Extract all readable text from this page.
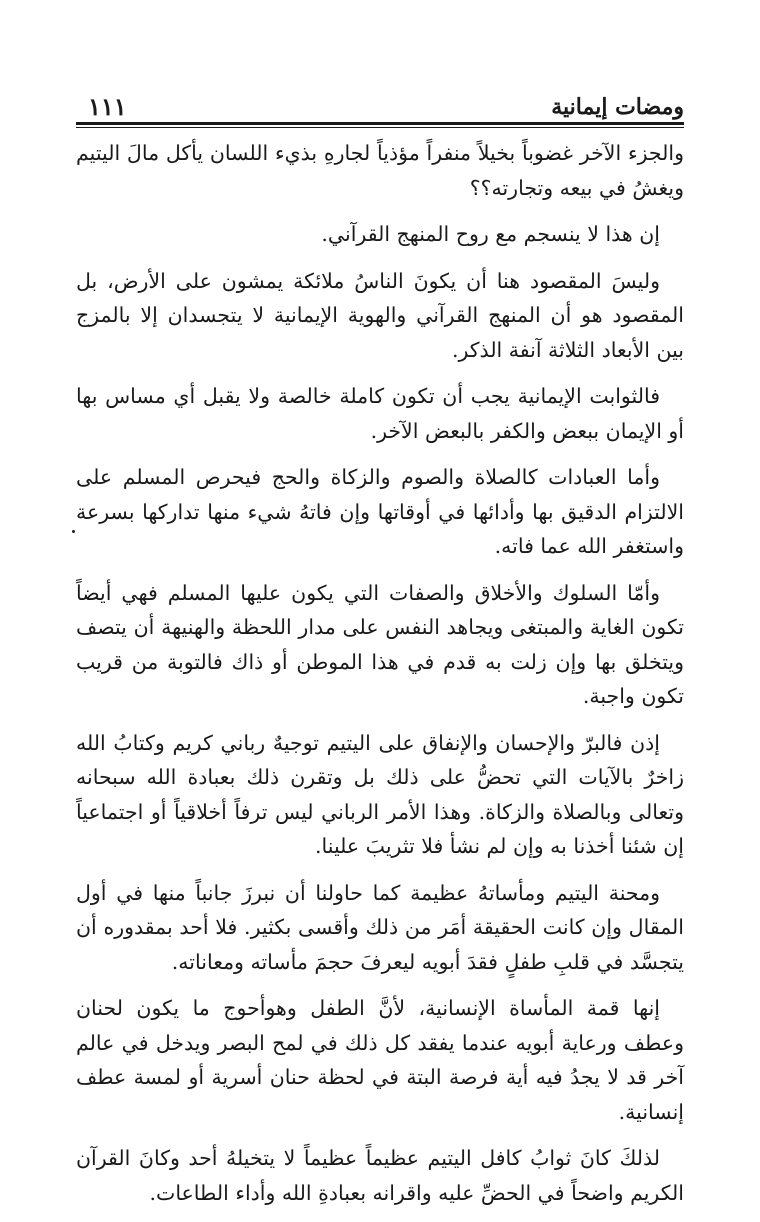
ومضات إيمانية
١١١

والجزء الآخر غضوباً بخيلاً منفراً مؤذياً لجارهِ بذيء اللسان يأكل مالَ اليتيم ويغشُ في بيعه وتجارته؟؟

إن هذا لا ينسجم مع روح المنهج القرآني.

وليسَ المقصود هنا أن يكونَ الناسُ ملائكة يمشون على الأرض، بل المقصود هو أن المنهج القرآني والهوية الإيمانية لا يتجسدان إلا بالمزج بين الأبعاد الثلاثة آنفة الذكر.

فالثوابت الإيمانية يجب أن تكون كاملة خالصة ولا يقبل أي مساس بها أو الإيمان ببعض والكفر بالبعض الآخر.

وأما العبادات كالصلاة والصوم والزكاة والحج فيحرص المسلم على الالتزام الدقيق بها وأدائها في أوقاتها وإن فاتهُ شيء منها تداركها بسرعة واستغفر الله عما فاته.

وأمّا السلوك والأخلاق والصفات التي يكون عليها المسلم فهي أيضاً تكون الغاية والمبتغى ويجاهد النفس على مدار اللحظة والهنيهة أن يتصف ويتخلق بها وإن زلت به قدم في هذا الموطن أو ذاك فالتوبة من قريب تكون واجبة.

إذن فالبرّ والإحسان والإنفاق على اليتيم توجيهٌ رباني كريم وكتابُ الله زاخرٌ بالآيات التي تحضُّ على ذلك بل وتقرن ذلك بعبادة الله سبحانه وتعالى وبالصلاة والزكاة. وهذا الأمر الرباني ليس ترفاً أخلاقياً أو اجتماعياً إن شئنا أخذنا به وإن لم نشأ فلا تثريبَ علينا.

ومحنة اليتيم ومأساتهُ عظيمة كما حاولنا أن نبرزَ جانباً منها في أول المقال وإن كانت الحقيقة أمَر من ذلك وأقسى بكثير. فلا أحد بمقدوره أن يتجسَّد في قلبِ طفلٍ فقدَ أبويه ليعرفَ حجمَ مأساته ومعاناته.

إنها قمة المأساة الإنسانية، لأنَّ الطفل وهوأحوج ما يكون لحنان وعطف ورعاية أبويه عندما يفقد كل ذلك في لمح البصر ويدخل في عالم آخر قد لا يجدُ فيه أية فرصة البتة في لحظة حنان أسرية أو لمسة عطف إنسانية.

لذلكَ كانَ ثوابُ كافل اليتيم عظيماً عظيماً لا يتخيلهُ أحد وكانَ القرآن الكريم واضحاً في الحضِّ عليه واقرانه بعبادةِ الله وأداء الطاعات.
